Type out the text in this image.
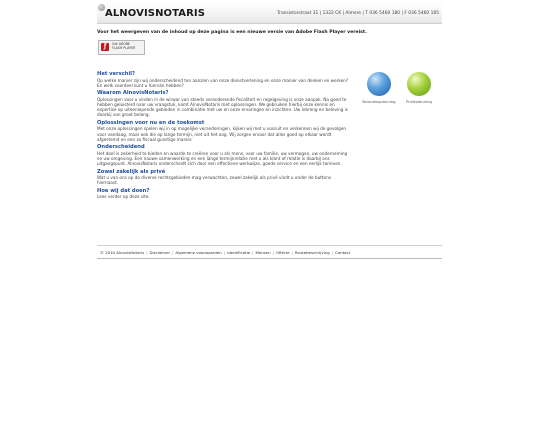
ALNOVISNOTARIS	Transistorstraat 31 | 1322 CK | Almere | T 036 5460 180 | F 036 5460 185
Voor het weergeven van de inhoud op deze pagina is een nieuwe versie van Adobe Flash Player vereist.
ƒ	Get ADOBE
FLASH PLAYER

Het verschil?

Op welke manier zijn wij onderscheidend ten aanzien van onze dienstverlening en onze manier van denken en werken? En welk voordeel kunt u hierván hebben?

Waarom AlnovisNotaris?

Oplossingen voor u vinden in de wirwar van steeds veranderende fiscaliteit en regelgeving is onze aanpak. Na goed te hebben geluisterd naar uw vraagstuk, komt AlnovisNotaris met oplossingen. We gebruiken hierbij onze kennis en expertise op uiteenlopende gebieden in combinatie met uw en onze ervaringen en inzichten. Uw inbreng en beleving is daarbij van groot belang.

Oplossingen voor nu en de toekomst

Met onze oplossingen spelen wij in op mogelijke veranderingen, kijken wij met u vooruit en verkennen wij de gevolgen voor vandaag, maar ook die op lange termijn, niet uit het oog. Wij zorgen ervoor dat alles goed op elkaar wordt afgestemd en een zo fiscaal gunstige manier.

Onderscheidend

Het doel is zekerheid te bieden en waarde te creëren voor u als mens, voor uw familie, uw vermogen, uw onderneming en uw omgeving. Een nauwe samenwerking en een lange termijnrelatie met u als klant of relatie is daarbij ons uitgangspunt. AlnovisNotaris onderscheidt zich door een effectieve werkwijze, goede service en een eerlijk tarieven.

Zowel zakelijk als privé

Wat u van ons op de diverse rechtsgebieden mag verwachten, zowel zakelijk als privé vindt u onder de buttons hiernaast.

Hoe wij dat doen?

Lees verder op deze site.

Businessplanning	Privéplanning
© 2010 AlnovisNotaris | Disclaimer | Algemene voorwaarden | Identificatie | Mensen | Offerte | Routebeschrijving | Contact
